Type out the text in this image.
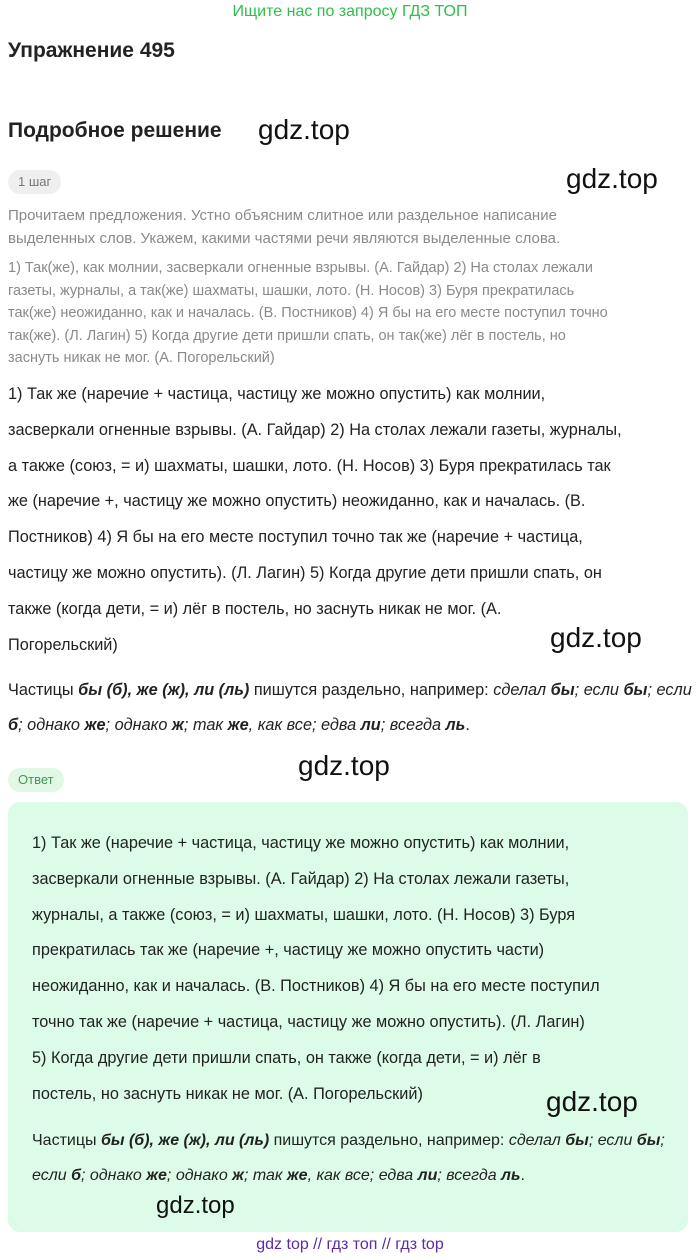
Ищите нас по запросу ГДЗ ТОП
Упражнение 495
Подробное решение gdz.top
gdz.top
1 шаг
Прочитаем предложения. Устно объясним слитное или раздельное написание
выделенных слов. Укажем, какими частями речи являются выделенные слова.
1) Так(же), как молнии, засверкали огненные взрывы. (А. Гайдар) 2) На столах лежали
газеты, журналы, а так(же) шахматы, шашки, лото. (Н. Носов) 3) Буря прекратилась
так(же) неожиданно, как и началась. (В. Постников) 4) Я бы на его месте поступил точно
так(же). (Л. Лагин) 5) Когда другие дети пришли спать, он так(же) лёг в постель, но
заснуть никак не мог. (А. Погорельский)
1) Так же (наречие + частица, частицу же можно опустить) как молнии,
засверкали огненные взрывы. (А. Гайдар) 2) На столах лежали газеты, журналы,
а также (союз, = и) шахматы, шашки, лото. (Н. Носов) 3) Буря прекратилась так
же (наречие +, частицу же можно опустить) неожиданно, как и началась. (В.
Постников) 4) Я бы на его месте поступил точно так же (наречие + частица,
частицу же можно опустить). (Л. Лагин) 5) Когда другие дети пришли спать, он
также (когда дети, = и) лёг в постель, но заснуть никак не мог. (А.
Погорельский)	gdz.top
Частицы бы (б), же (ж), ли (ль) пишутся раздельно, например: сделал бы; если бы; если б; однако же; однако ж; так же, как все; едва ли; всегда ль.
Ответ	gdz.top
1) Так же (наречие + частица, частицу же можно опустить) как молнии,
засверкали огненные взрывы. (А. Гайдар) 2) На столах лежали газеты,
журналы, а также (союз, = и) шахматы, шашки, лото. (Н. Носов) 3) Буря
прекратилась так же (наречие +, частицу же можно опустить части)
неожиданно, как и началась. (В. Постников) 4) Я бы на его месте поступил
точно так же (наречие + частица, частицу же можно опустить). (Л. Лагин)
5) Когда другие дети пришли спать, он также (когда дети, = и) лёг в
постель, но заснуть никак не мог. (А. Погорельский)	gdz.top
Частицы бы (б), же (ж), ли (ль) пишутся раздельно, например: сделал бы; если бы; если б; однако же; однако ж; так же, как все; едва ли; всегда ль.
gdz.top
gdz top // гдз топ // гдз top
